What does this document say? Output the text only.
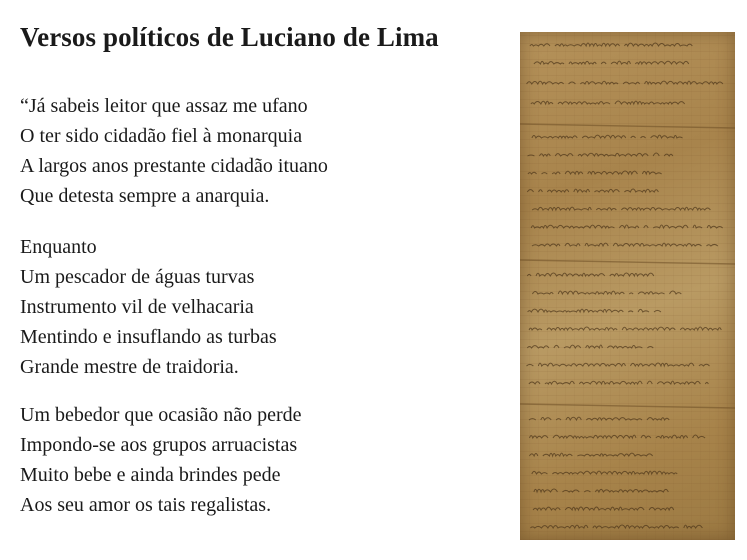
Versos políticos de Luciano de Lima
“Já sabeis leitor que assaz me ufano
O ter sido cidadão fiel à monarquia
A largos anos prestante cidadão ituano
Que detesta sempre a anarquia.
Enquanto
Um pescador de águas turvas
Instrumento vil de velhacaria
Mentindo e insuflando as turbas
Grande mestre de traidoria.
Um bebedor que ocasião não perde
Impondo-se aos grupos arruacistas
Muito bebe e ainda brindes pede
Aos seu amor os tais regalistas.
